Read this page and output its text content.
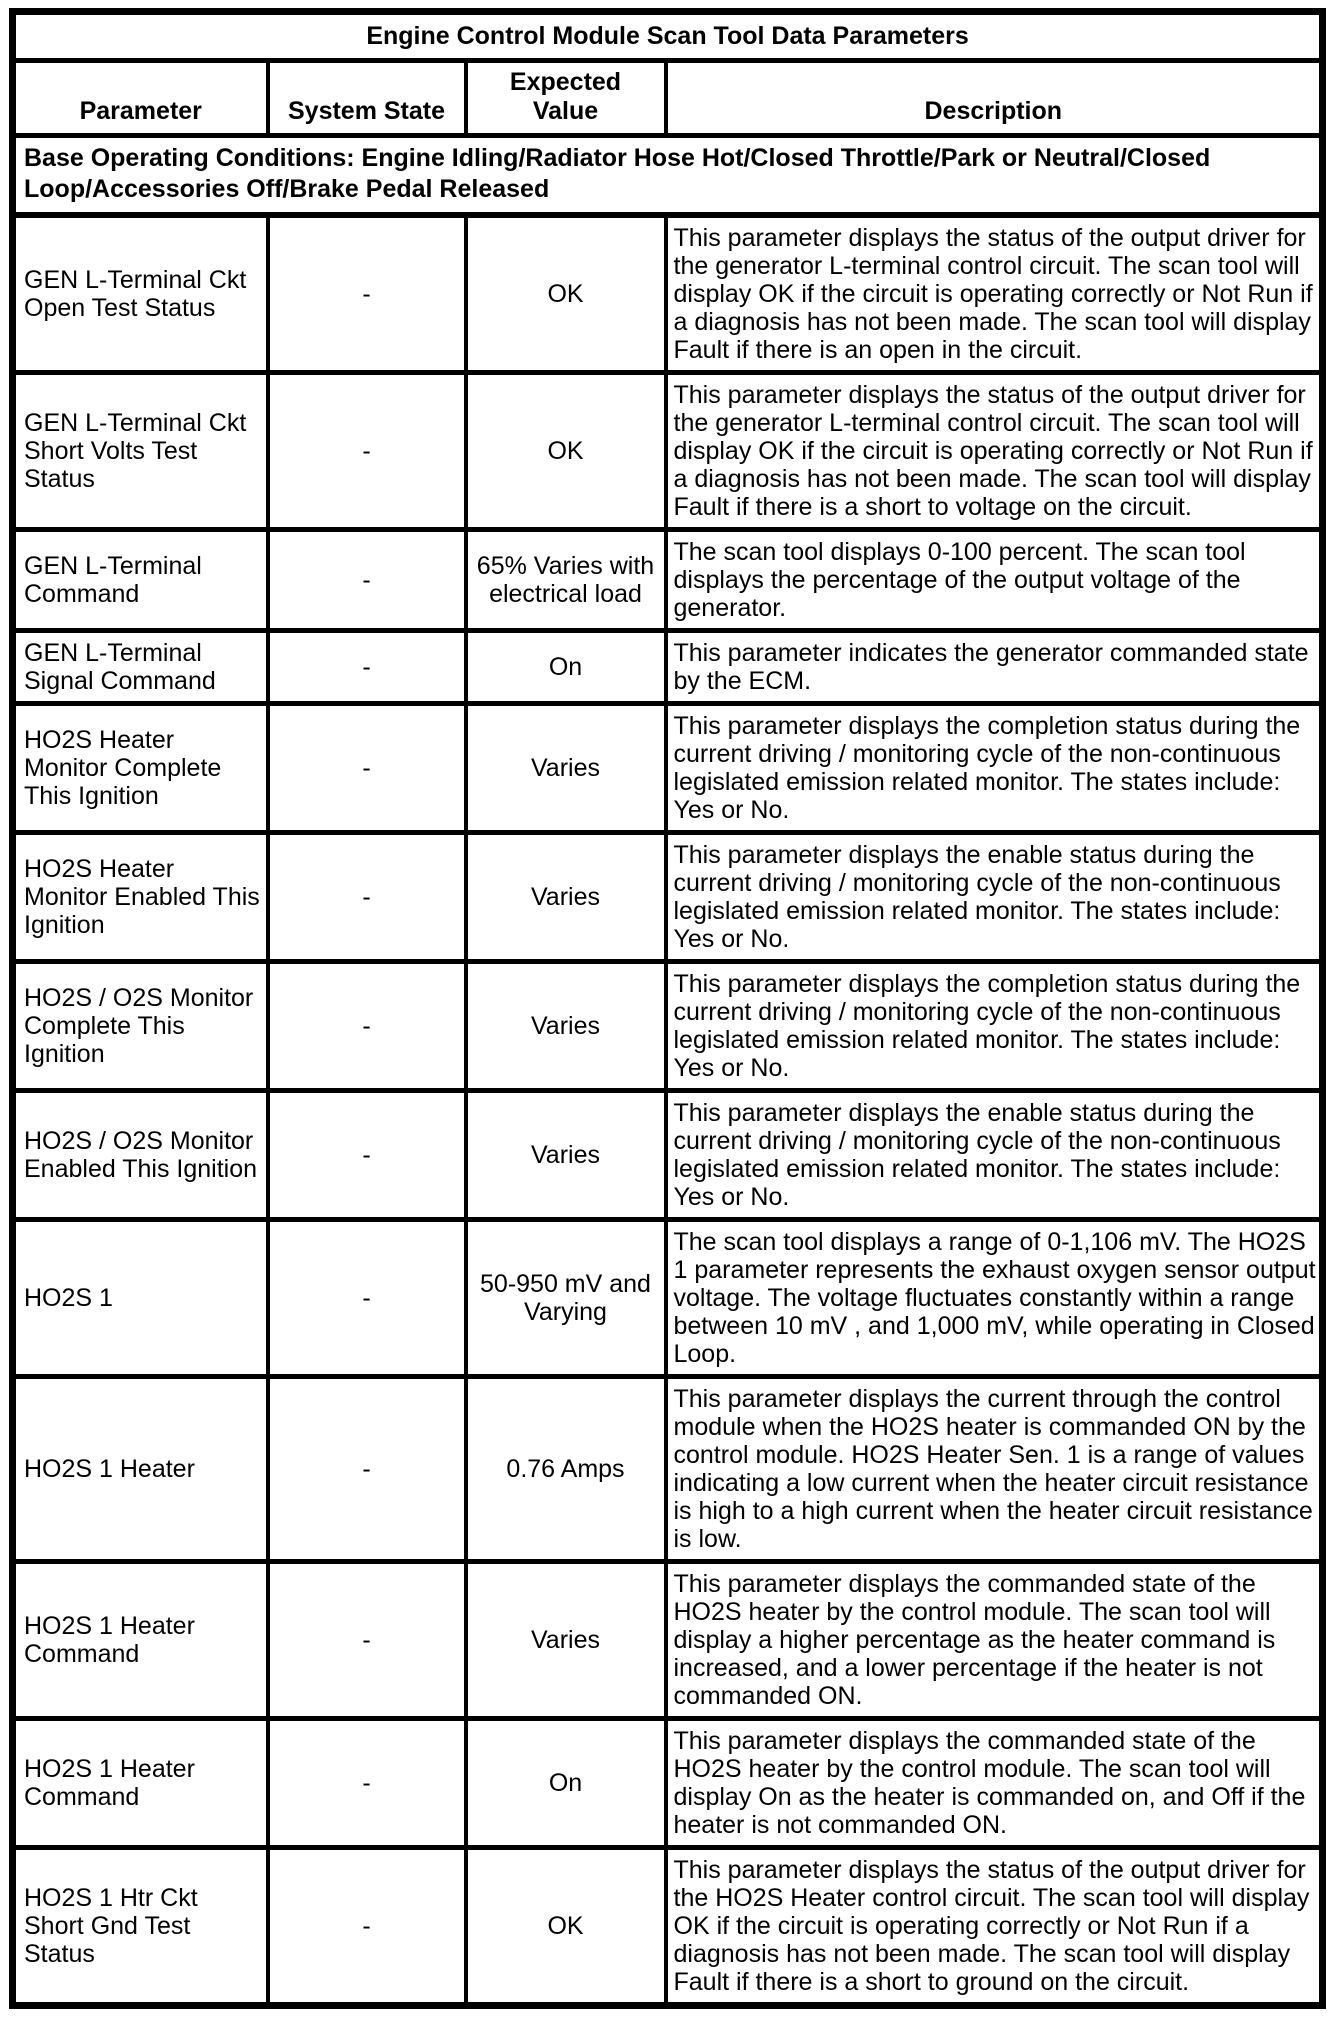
Engine Control Module Scan Tool Data Parameters			
Parameter	System State	Expected Value	Description
Base Operating Conditions: Engine Idling/Radiator Hose Hot/Closed Throttle/Park or Neutral/Closed Loop/Accessories Off/Brake Pedal Released			
GEN L-Terminal Ckt Open Test Status	-	OK	This parameter displays the status of the output driver for the generator L-terminal control circuit. The scan tool will display OK if the circuit is operating correctly or Not Run if a diagnosis has not been made. The scan tool will display Fault if there is an open in the circuit.
GEN L-Terminal Ckt Short Volts Test Status	-	OK	This parameter displays the status of the output driver for the generator L-terminal control circuit. The scan tool will display OK if the circuit is operating correctly or Not Run if a diagnosis has not been made. The scan tool will display Fault if there is a short to voltage on the circuit.
GEN L-Terminal Command	-	65% Varies with electrical load	The scan tool displays 0-100 percent. The scan tool displays the percentage of the output voltage of the generator.
GEN L-Terminal Signal Command	-	On	This parameter indicates the generator commanded state by the ECM.
HO2S Heater Monitor Complete This Ignition	-	Varies	This parameter displays the completion status during the current driving / monitoring cycle of the non-continuous legislated emission related monitor. The states include: Yes or No.
HO2S Heater Monitor Enabled This Ignition	-	Varies	This parameter displays the enable status during the current driving / monitoring cycle of the non-continuous legislated emission related monitor. The states include: Yes or No.
HO2S / O2S Monitor Complete This Ignition	-	Varies	This parameter displays the completion status during the current driving / monitoring cycle of the non-continuous legislated emission related monitor. The states include: Yes or No.
HO2S / O2S Monitor Enabled This Ignition	-	Varies	This parameter displays the enable status during the current driving / monitoring cycle of the non-continuous legislated emission related monitor. The states include: Yes or No.
HO2S 1	-	50-950 mV and Varying	The scan tool displays a range of 0-1,106 mV. The HO2S 1 parameter represents the exhaust oxygen sensor output voltage. The voltage fluctuates constantly within a range between 10 mV , and 1,000 mV, while operating in Closed Loop.
HO2S 1 Heater	-	0.76 Amps	This parameter displays the current through the control module when the HO2S heater is commanded ON by the control module. HO2S Heater Sen. 1 is a range of values indicating a low current when the heater circuit resistance is high to a high current when the heater circuit resistance is low.
HO2S 1 Heater Command	-	Varies	This parameter displays the commanded state of the HO2S heater by the control module. The scan tool will display a higher percentage as the heater command is increased, and a lower percentage if the heater is not commanded ON.
HO2S 1 Heater Command	-	On	This parameter displays the commanded state of the HO2S heater by the control module. The scan tool will display On as the heater is commanded on, and Off if the heater is not commanded ON.
HO2S 1 Htr Ckt Short Gnd Test Status	-	OK	This parameter displays the status of the output driver for the HO2S Heater control circuit. The scan tool will display OK if the circuit is operating correctly or Not Run if a diagnosis has not been made. The scan tool will display Fault if there is a short to ground on the circuit.
